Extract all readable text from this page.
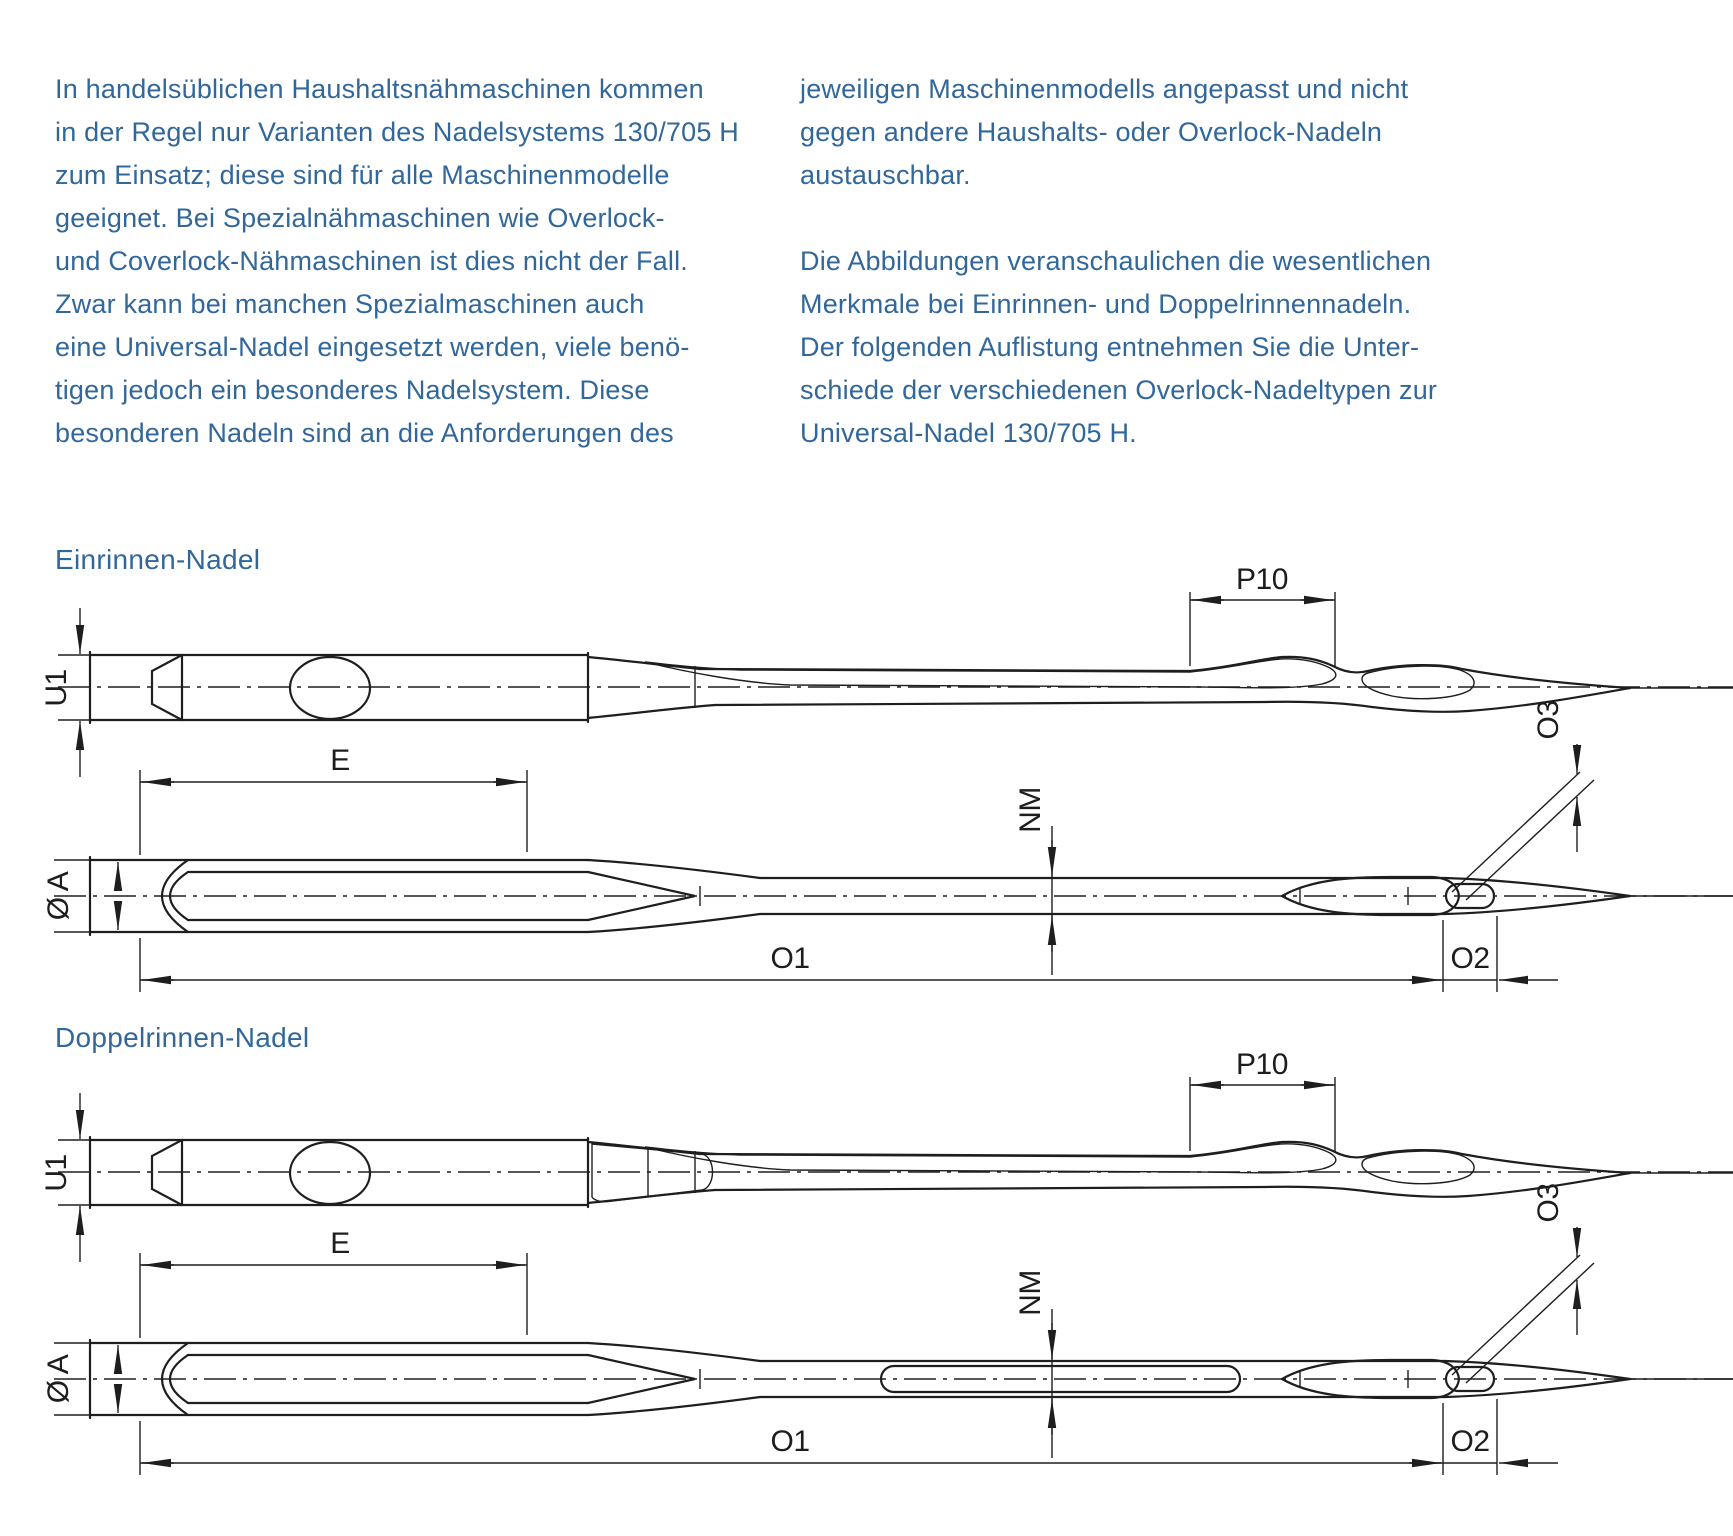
In handelsüblichen Haushaltsnähmaschinen kommen
in der Regel nur Varianten des Nadelsystems 130/705 H
zum Einsatz; diese sind für alle Maschinenmodelle
geeignet. Bei Spezialnähmaschinen wie Overlock-
und Coverlock-Nähmaschinen ist dies nicht der Fall.
Zwar kann bei manchen Spezialmaschinen auch
eine Universal-Nadel eingesetzt werden, viele benö-
tigen jedoch ein besonderes Nadelsystem. Diese
besonderen Nadeln sind an die Anforderungen des
jeweiligen Maschinenmodells angepasst und nicht
gegen andere Haushalts- oder Overlock-Nadeln
austauschbar.
Die Abbildungen veranschaulichen die wesentlichen
Merkmale bei Einrinnen- und Doppelrinnennadeln.
Der folgenden Auflistung entnehmen Sie die Unter-
schiede der verschiedenen Overlock-Nadeltypen zur
Universal-Nadel 130/705 H.
Einrinnen-Nadel
Doppelrinnen-Nadel
P10
U1
E
Ø A
NM
O1	O2
O3
P10
U1
E
Ø A
NM
O1	O2
O3
